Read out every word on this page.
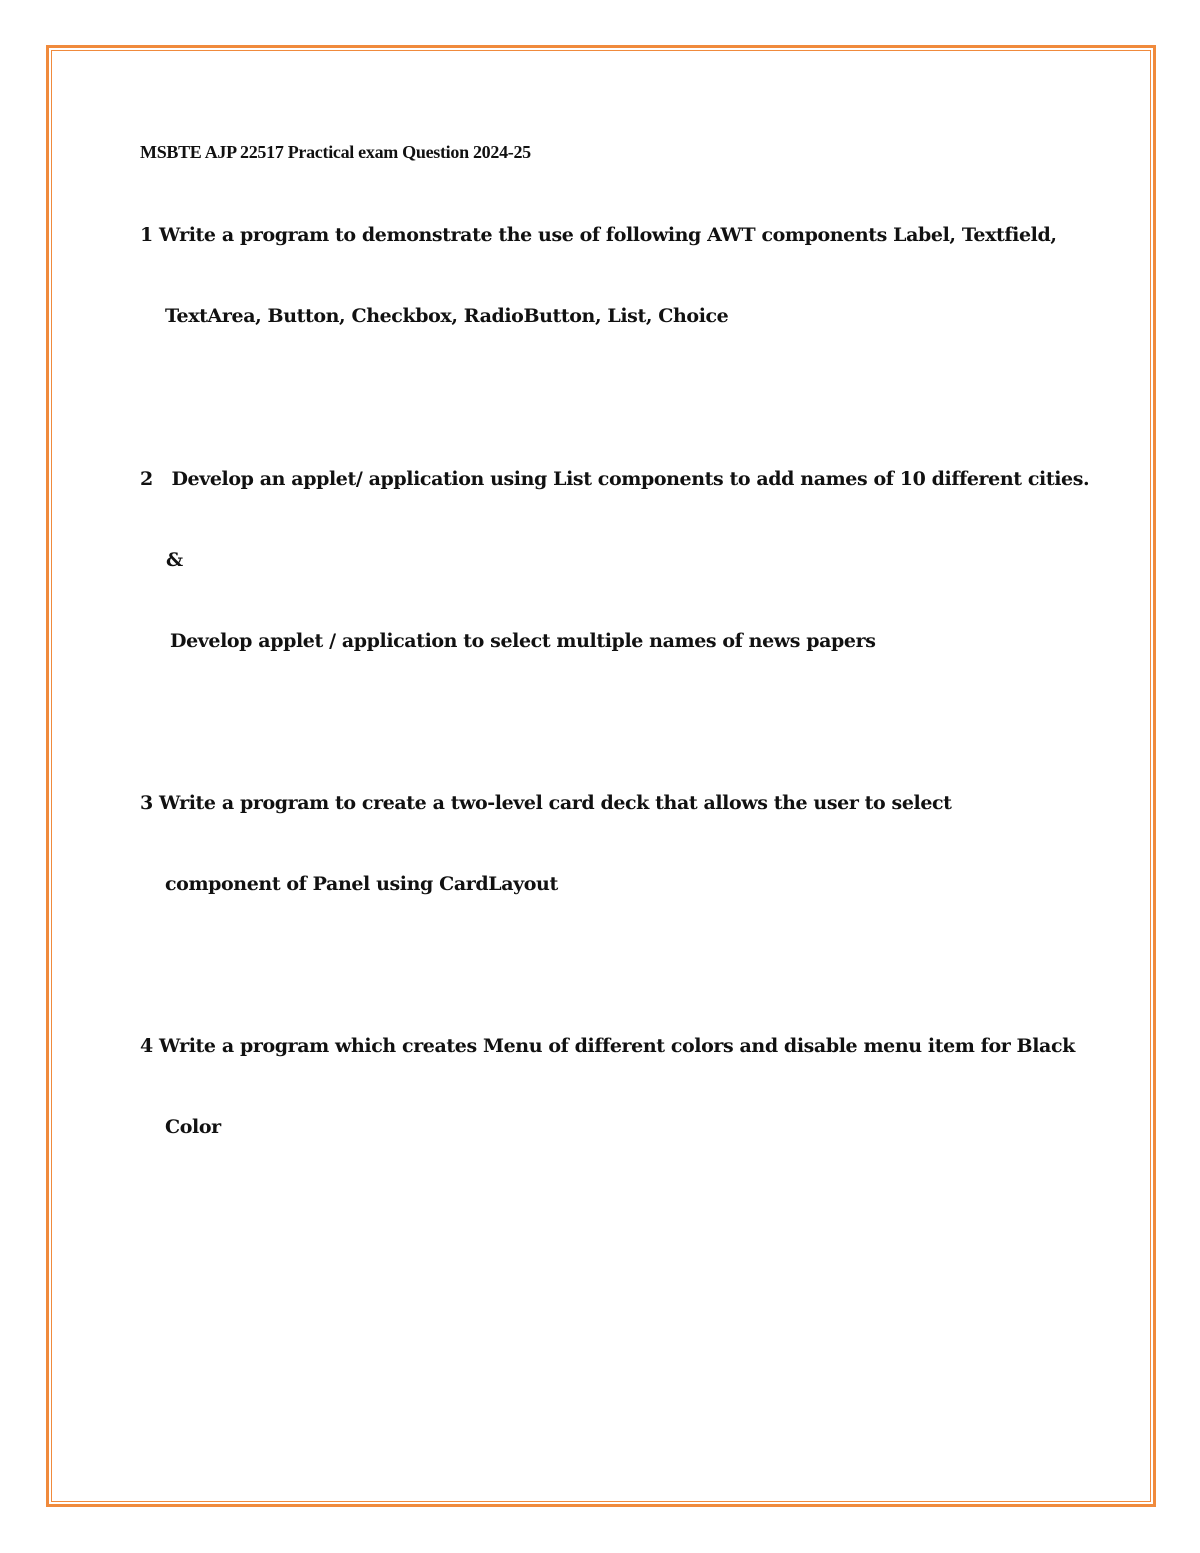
MSBTE AJP 22517 Practical exam Question 2024-25
1 Write a program to demonstrate the use of following AWT components Label, Textfield,
TextArea, Button, Checkbox, RadioButton, List, Choice
2   Develop an applet/ application using List components to add names of 10 different cities.
&
Develop applet / application to select multiple names of news papers
3 Write a program to create a two-level card deck that allows the user to select
component of Panel using CardLayout
4 Write a program which creates Menu of different colors and disable menu item for Black
Color
